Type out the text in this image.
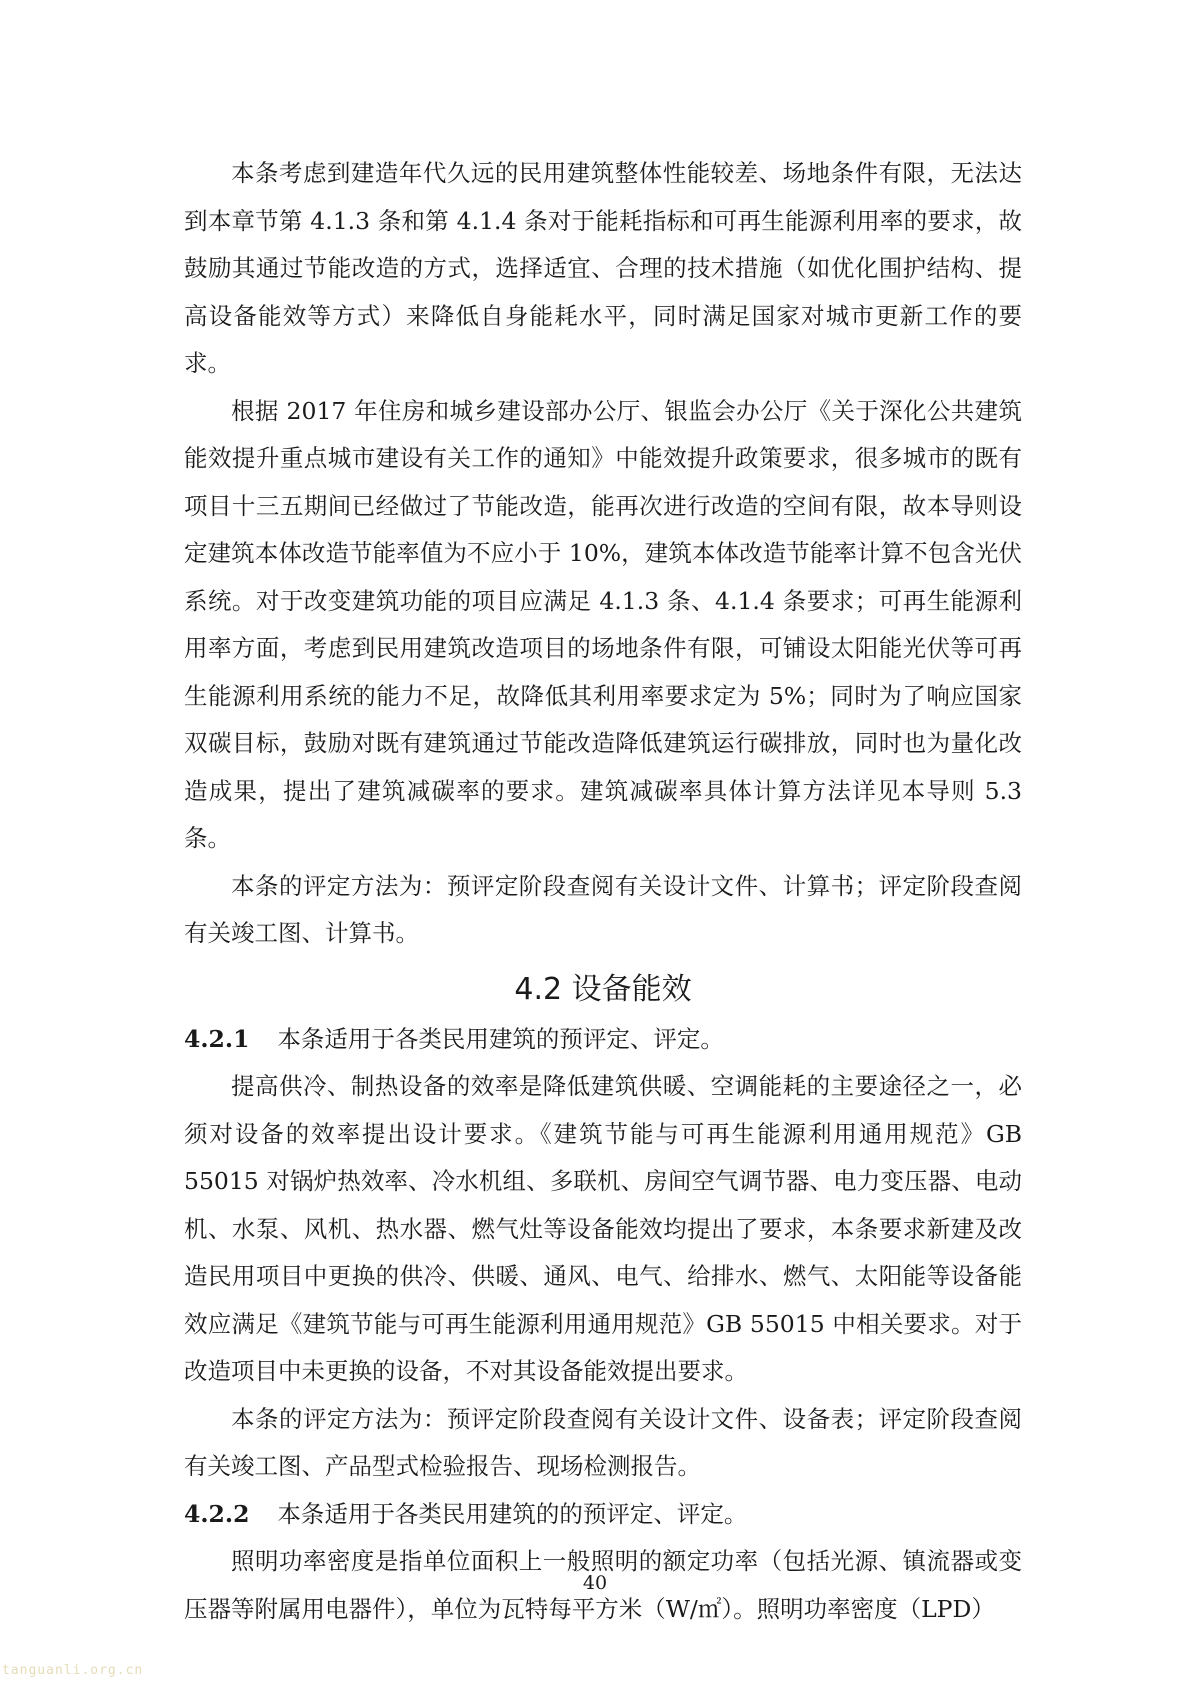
本条考虑到建造年代久远的民用建筑整体性能较差、场地条件有限，无法达到本章节第 4.1.3 条和第 4.1.4 条对于能耗指标和可再生能源利用率的要求，故鼓励其通过节能改造的方式，选择适宜、合理的技术措施（如优化围护结构、提高设备能效等方式）来降低自身能耗水平，同时满足国家对城市更新工作的要求。

根据 2017 年住房和城乡建设部办公厅、银监会办公厅《关于深化公共建筑能效提升重点城市建设有关工作的通知》中能效提升政策要求，很多城市的既有项目十三五期间已经做过了节能改造，能再次进行改造的空间有限，故本导则设定建筑本体改造节能率值为不应小于 10%，建筑本体改造节能率计算不包含光伏系统。对于改变建筑功能的项目应满足 4.1.3 条、4.1.4 条要求；可再生能源利用率方面，考虑到民用建筑改造项目的场地条件有限，可铺设太阳能光伏等可再生能源利用系统的能力不足，故降低其利用率要求定为 5%；同时为了响应国家双碳目标，鼓励对既有建筑通过节能改造降低建筑运行碳排放，同时也为量化改造成果，提出了建筑减碳率的要求。建筑减碳率具体计算方法详见本导则 5.3 条。

本条的评定方法为：预评定阶段查阅有关设计文件、计算书；评定阶段查阅有关竣工图、计算书。

4.2 设备能效

4.2.1 本条适用于各类民用建筑的预评定、评定。

提高供冷、制热设备的效率是降低建筑供暖、空调能耗的主要途径之一，必须对设备的效率提出设计要求。《建筑节能与可再生能源利用通用规范》GB 55015 对锅炉热效率、冷水机组、多联机、房间空气调节器、电力变压器、电动机、水泵、风机、热水器、燃气灶等设备能效均提出了要求，本条要求新建及改造民用项目中更换的供冷、供暖、通风、电气、给排水、燃气、太阳能等设备能效应满足《建筑节能与可再生能源利用通用规范》GB 55015 中相关要求。对于改造项目中未更换的设备，不对其设备能效提出要求。

本条的评定方法为：预评定阶段查阅有关设计文件、设备表；评定阶段查阅有关竣工图、产品型式检验报告、现场检测报告。

4.2.2 本条适用于各类民用建筑的的预评定、评定。

照明功率密度是指单位面积上一般照明的额定功率（包括光源、镇流器或变压器等附属用电器件），单位为瓦特每平方米（W/㎡）。照明功率密度（LPD）

40
tanguanli.org.cn
